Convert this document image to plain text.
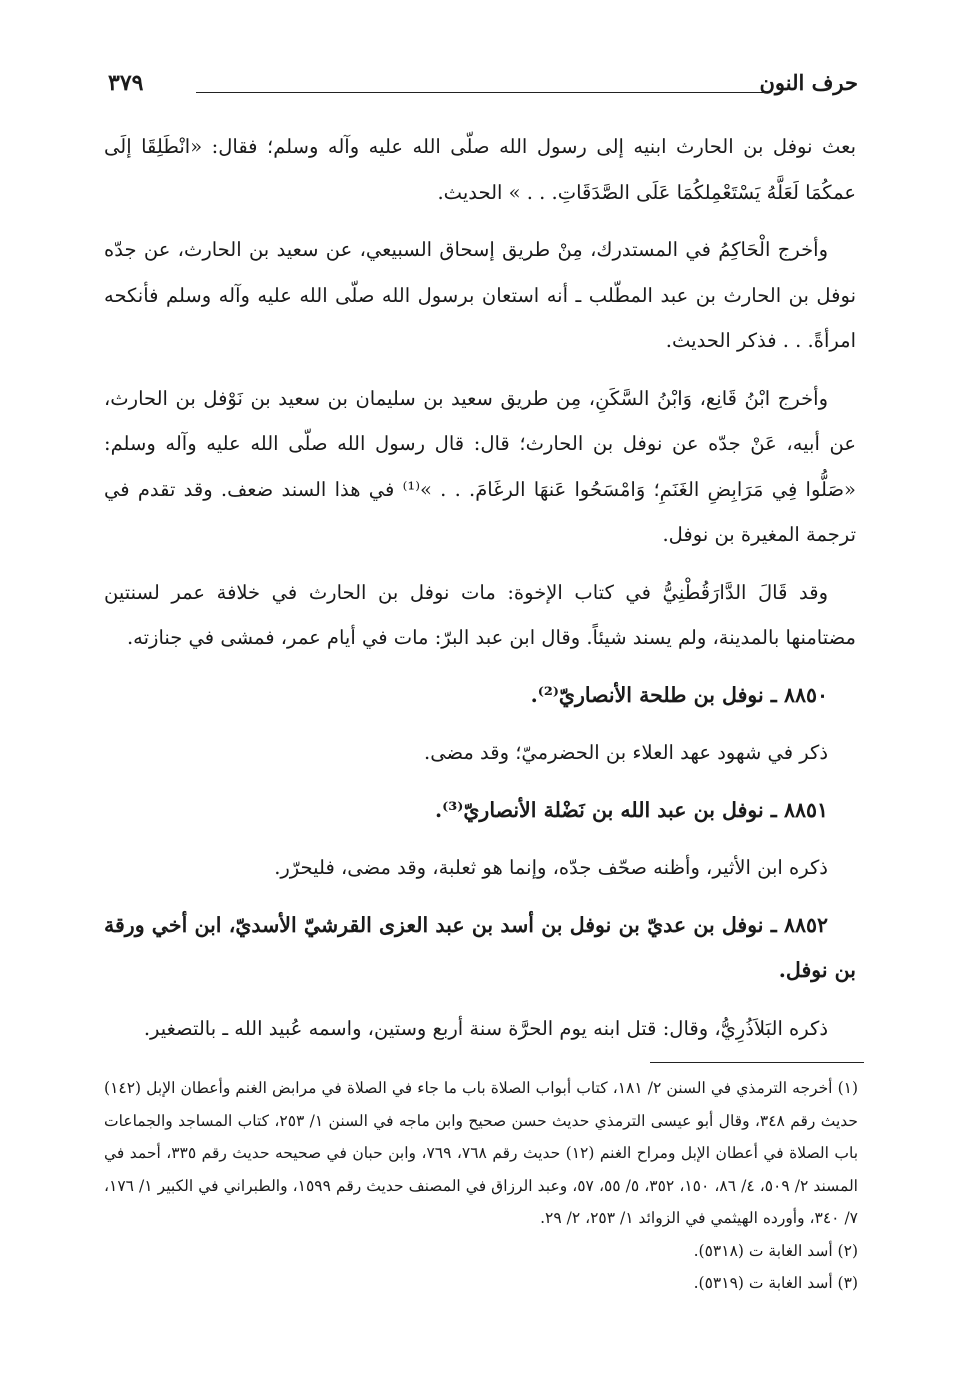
حرف النون
٣٧٩

بعث نوفل بن الحارث ابنيه إلى رسول الله صلّى الله عليه وآله وسلم؛ فقال: «انْطَلِقَا إلَى عمكُمَا لَعَلَّهُ يَسْتَعْمِلكُمَا عَلَى الصَّدَقَاتِ. . . » الحديث.

وأخرج الْحَاكِمُ في المستدرك، مِنْ طريق إسحاق السبيعي، عن سعيد بن الحارث، عن جدّه نوفل بن الحارث بن عبد المطّلب ـ أنه استعان برسول الله صلّى الله عليه وآله وسلم فأنكحه امرأةً. . . فذكر الحديث.

وأخرج ابْنُ قَانِع، وَابْنُ السَّكَنِ، مِن طريق سعيد بن سليمان بن سعيد بن نَوْفل بن الحارث، عن أبيه، عَنْ جدّه عن نوفل بن الحارث؛ قال: قال رسول الله صلّى الله عليه وآله وسلم: «صَلُّوا فِي مَرَابِضِ الغَنَمِ؛ وَامْسَحُوا عَنهَا الرغَامَ. . . »⁽¹⁾ في هذا السند ضعف. وقد تقدم في ترجمة المغيرة بن نوفل.

وقد قَالَ الدَّارَقُطْنِيُّ في كتاب الإخوة: مات نوفل بن الحارث في خلافة عمر لسنتين مضتامنها بالمدينة، ولم يسند شيئاً. وقال ابن عبد البرّ: مات في أيام عمر، فمشى في جنازته.

٨٨٥٠ ـ نوفل بن طلحة الأنصاريّ⁽²⁾.

ذكر في شهود عهد العلاء بن الحضرميّ؛ وقد مضى.

٨٨٥١ ـ نوفل بن عبد الله بن نَضْلة الأنصاريّ⁽³⁾.

ذكره ابن الأثير، وأظنه صحّف جدّه، وإنما هو ثعلبة، وقد مضى، فليحرّر.

٨٨٥٢ ـ نوفل بن عديّ بن نوفل بن أسد بن عبد العزى القرشيّ الأسديّ، ابن أخي ورقة بن نوفل.

ذكره البَلاَذُرِيُّ، وقال: قتل ابنه يوم الحرَّة سنة أربع وستين، واسمه عُبيد الله ـ بالتصغير.

(١) أخرجه الترمذي في السنن ٢/ ١٨١، كتاب أبواب الصلاة باب ما جاء في الصلاة في مرابض الغنم وأعطان الإبل (١٤٢) حديث رقم ٣٤٨، وقال أبو عيسى الترمذي حديث حسن صحيح وابن ماجه في السنن ١/ ٢٥٣، كتاب المساجد والجماعات باب الصلاة في أعطان الإبل ومراح الغنم (١٢) حديث رقم ٧٦٨، ٧٦٩، وابن حبان في صحيحه حديث رقم ٣٣٥، أحمد في المسند ٢/ ٥٠٩، ٤/ ٨٦، ١٥٠، ٣٥٢، ٥/ ٥٥، ٥٧، وعبد الرزاق في المصنف حديث رقم ١٥٩٩، والطبراني في الكبير ١/ ١٧٦، ٧/ ٣٤٠، وأورده الهيثمي في الزوائد ١/ ٢٥٣، ٢/ ٢٩.

(٢) أسد الغابة ت (٥٣١٨).

(٣) أسد الغابة ت (٥٣١٩).
